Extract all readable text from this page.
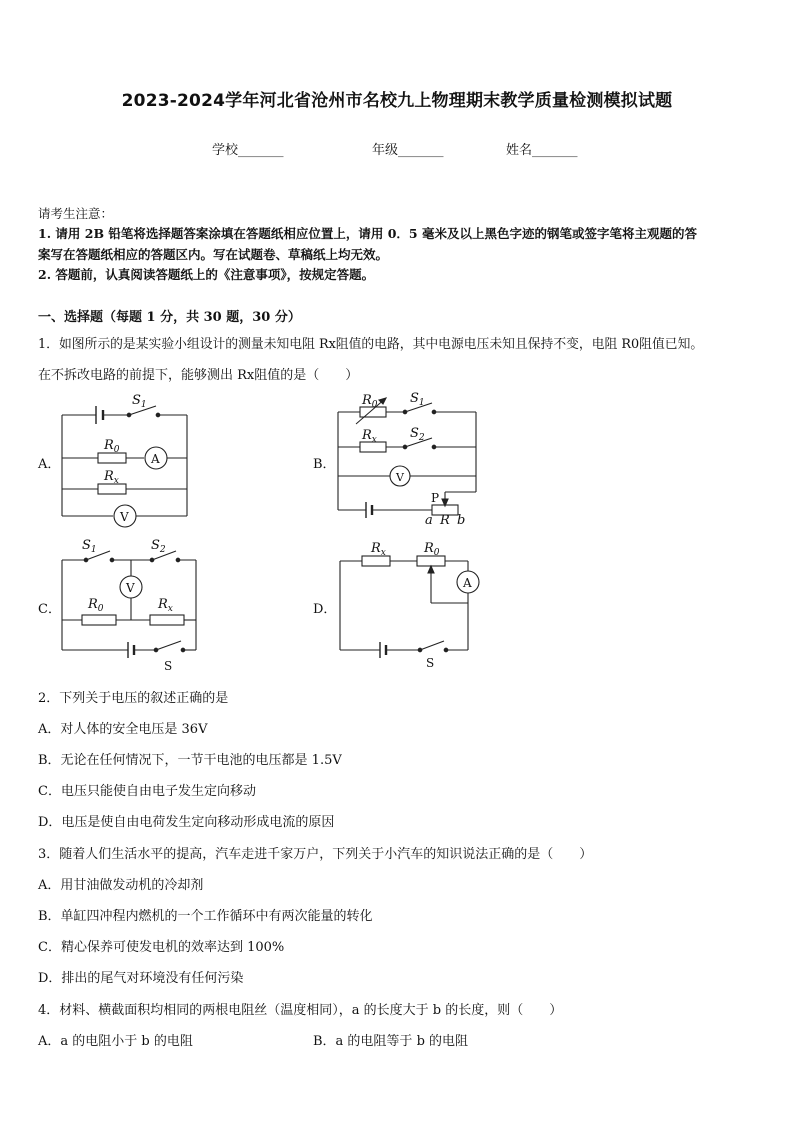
2023-2024学年河北省沧州市名校九上物理期末教学质量检测模拟试题
学校_______	年级_______	姓名_______
请考生注意：
1. 请用 2B 铅笔将选择题答案涂填在答题纸相应位置上，请用 0．5 毫米及以上黑色字迹的钢笔或签字笔将主观题的答
案写在答题纸相应的答题区内。写在试题卷、草稿纸上均无效。
2. 答题前，认真阅读答题纸上的《注意事项》，按规定答题。
一、选择题（每题 1 分，共 30 题，30 分）
1．如图所示的是某实验小组设计的测量未知电阻 Rx阻值的电路，其中电源电压未知且保持不变，电阻 R0阻值已知。
在不拆改电路的前提下，能够测出 Rx阻值的是（　　）
$S_1$
$R_0$
A
$R_x$
V
$R_0$ $S_1$
$R_x$	$S_2$
V
P
a R b
$S_1$	$S_2$
V
$R_0$	$R_x$
S
$R_x$	$R_0$
A
S
A．	B．
C．	D．
2．下列关于电压的叙述正确的是
A．对人体的安全电压是 36V
B．无论在任何情况下，一节干电池的电压都是 1.5V
C．电压只能使自由电子发生定向移动
D．电压是使自由电荷发生定向移动形成电流的原因
3．随着人们生活水平的提高，汽车走进千家万户，下列关于小汽车的知识说法正确的是（　　）
A．用甘油做发动机的冷却剂
B．单缸四冲程内燃机的一个工作循环中有两次能量的转化
C．精心保养可使发电机的效率达到 100%
D．排出的尾气对环境没有任何污染
4．材料、横截面积均相同的两根电阻丝（温度相同），a 的长度大于 b 的长度，则（　　）
A．a 的电阻小于 b 的电阻	B．a 的电阻等于 b 的电阻
